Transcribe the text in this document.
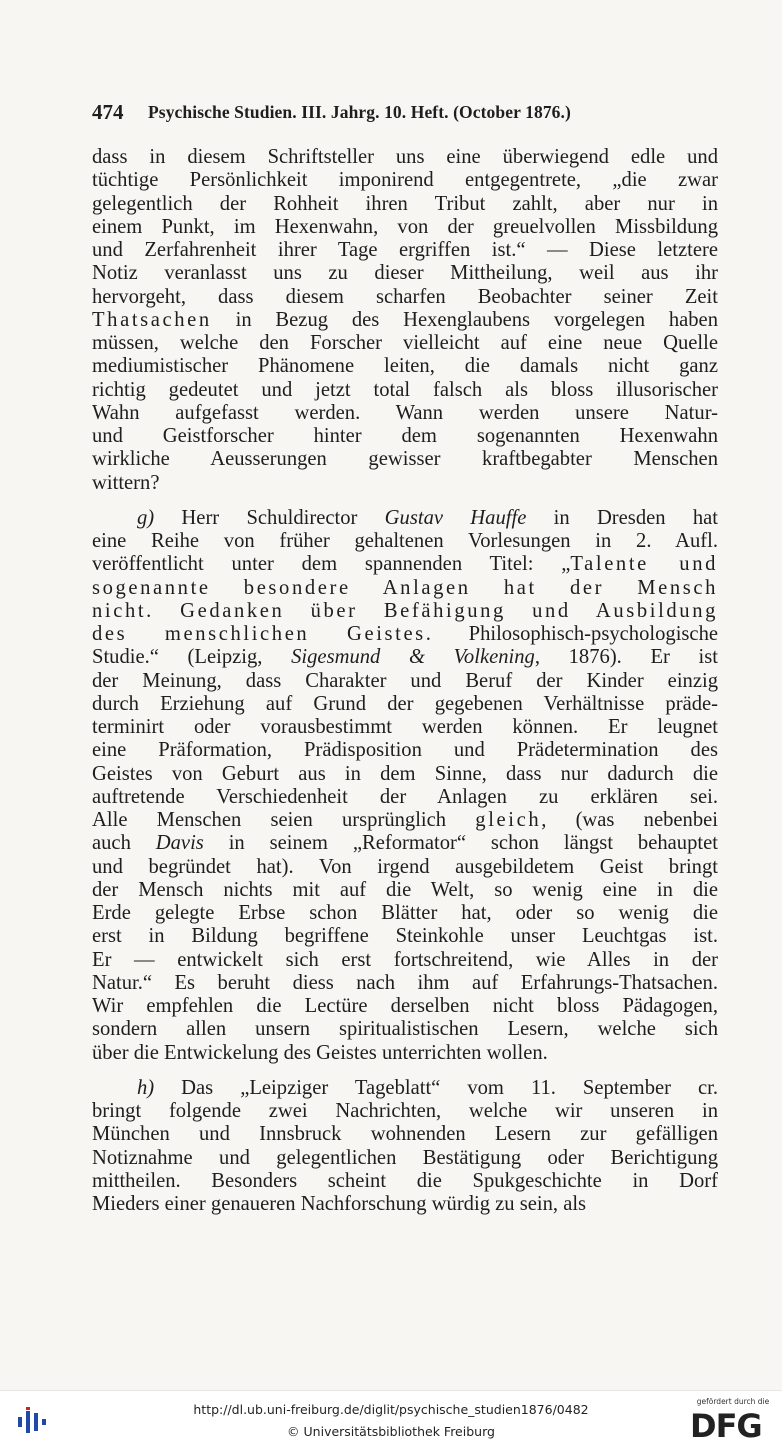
474 Psychische Studien. III. Jahrg. 10. Heft. (October 1876.)
dass in diesem Schriftsteller uns eine überwiegend edle und
tüchtige Persönlichkeit imponirend entgegentrete, „die zwar
gelegentlich der Rohheit ihren Tribut zahlt, aber nur in
einem Punkt, im Hexenwahn, von der greuelvollen Missbildung
und Zerfahrenheit ihrer Tage ergriffen ist.“ — Diese letztere
Notiz veranlasst uns zu dieser Mittheilung, weil aus ihr
hervorgeht, dass diesem scharfen Beobachter seiner Zeit
Thatsachen in Bezug des Hexenglaubens vorgelegen haben
müssen, welche den Forscher vielleicht auf eine neue Quelle
mediumistischer Phänomene leiten, die damals nicht ganz
richtig gedeutet und jetzt total falsch als bloss illusorischer
Wahn aufgefasst werden. Wann werden unsere Natur-
und Geistforscher hinter dem sogenannten Hexenwahn
wirkliche Aeusserungen gewisser kraftbegabter Menschen
wittern?
g) Herr Schuldirector Gustav Hauffe in Dresden hat
eine Reihe von früher gehaltenen Vorlesungen in 2. Aufl.
veröffentlicht unter dem spannenden Titel: „Talente und
sogenannte besondere Anlagen hat der Mensch
nicht. Gedanken über Befähigung und Ausbildung
des menschlichen Geistes. Philosophisch-psychologische
Studie.“ (Leipzig, Sigesmund & Volkening, 1876). Er ist
der Meinung, dass Charakter und Beruf der Kinder einzig
durch Erziehung auf Grund der gegebenen Verhältnisse präde-
terminirt oder vorausbestimmt werden können. Er leugnet
eine Präformation, Prädisposition und Prädetermination des
Geistes von Geburt aus in dem Sinne, dass nur dadurch die
auftretende Verschiedenheit der Anlagen zu erklären sei.
Alle Menschen seien ursprünglich gleich, (was nebenbei
auch Davis in seinem „Reformator“ schon längst behauptet
und begründet hat). Von irgend ausgebildetem Geist bringt
der Mensch nichts mit auf die Welt, so wenig eine in die
Erde gelegte Erbse schon Blätter hat, oder so wenig die
erst in Bildung begriffene Steinkohle unser Leuchtgas ist.
Er — entwickelt sich erst fortschreitend, wie Alles in der
Natur.“ Es beruht diess nach ihm auf Erfahrungs-Thatsachen.
Wir empfehlen die Lectüre derselben nicht bloss Pädagogen,
sondern allen unsern spiritualistischen Lesern, welche sich
über die Entwickelung des Geistes unterrichten wollen.
h) Das „Leipziger Tageblatt“ vom 11. September cr.
bringt folgende zwei Nachrichten, welche wir unseren in
München und Innsbruck wohnenden Lesern zur gefälligen
Notiznahme und gelegentlichen Bestätigung oder Berichtigung
mittheilen. Besonders scheint die Spukgeschichte in Dorf
Mieders einer genaueren Nachforschung würdig zu sein, als
http://dl.ub.uni-freiburg.de/diglit/psychische_studien1876/0482
© Universitätsbibliothek Freiburg
gefördert durch die
DFG
